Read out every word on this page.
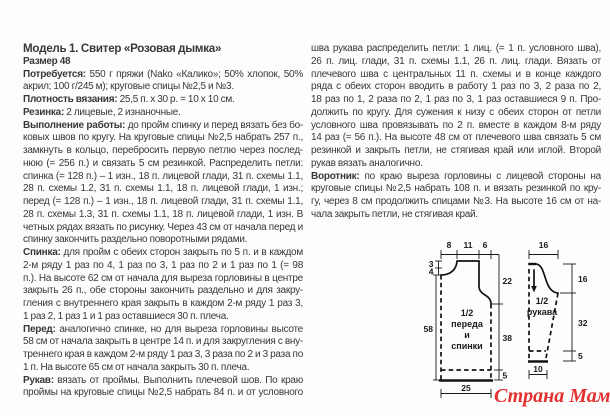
Модель 1. Свитер «Розовая дымка»
Размер 48
Потребуется: 550 г пряжи (Nako «Калико»; 50% хлопок, 50%
акрил; 100 г/245 м); круговые спицы №2,5 и №3.
Плотность вязания: 25,5 п. х 30 р. = 10 х 10 см.
Резинка: 2 лицевые, 2 изнаночные.
Выполнение работы: до пройм спинку и перед вязать без бо-
ковых швов по кругу. На круговые спицы №2,5 набрать 257 п.,
замкнуть в кольцо, перебросить первую петлю через послед-
нюю (= 256 п.) и связать 5 см резинкой. Распределить петли:
спинка (= 128 п.) – 1 изн., 18 п. лицевой глади, 31 п. схемы 1.1,
28 п. схемы 1.2, 31 п. схемы 1.1, 18 п. лицевой глади, 1 изн.;
перед (= 128 п.) – 1 изн., 18 п. лицевой глади, 31 п. схемы 1.1,
28 п. схемы 1.3, 31 п. схемы 1.1, 18 п. лицевой глади, 1 изн. В
четных рядах вязать по рисунку. Через 43 см от начала перед и
спинку закончить раздельно поворотными рядами.
Спинка: для пройм с обеих сторон закрыть по 5 п. и в каждом
2-м ряду 1 раз по 4, 1 раз по 3, 1 раз по 2 и 1 раз по 1 (= 98
п.). На высоте 62 см от начала для выреза горловины в центре
закрыть 26 п., обе стороны закончить раздельно и для закру-
гления с внутреннего края закрыть в каждом 2-м ряду 1 раз 3,
1 раз 2, 1 раз 1 и 1 раз оставшиеся 30 п. плеча.
Перед: аналогично спинке, но для выреза горловины высоте
58 см от начала закрыть в центре 14 п. и для закругления с вну-
треннего края в каждом 2-м ряду 1 раз 3, 3 раза по 2 и 3 раза по
1 п. На высоте 65 см от начала закрыть 30 п. плеча.
Рукав: вязать от проймы. Выполнить плечевой шов. По краю
проймы на круговые спицы №2,5 набрать 84 п. и от условного
шва рукава распределить петли: 1 лиц. (= 1 п. условного шва),
26 п. лиц. глади, 31 п. схемы 1.1, 26 п. лиц. глади. Вязать от
плечевого шва с центральных 11 п. схемы и в конце каждого
ряда с обеих сторон вводить в работу 1 раз по 3, 2 раза по 2,
18 раз по 1, 2 раза по 2, 1 раз по 3, 1 раз оставшиеся 9 п. Про-
должить по кругу. Для сужения к низу с обеих сторон от петли
условного шва провязывать по 2 п. вместе в каждом 8-м ряду
14 раз (= 56 п.). На высоте 48 см от плечевого шва связать 5 см
резинкой и закрыть петли, не стягивая край или иглой. Второй
рукав вязать аналогично.
Воротник: по краю выреза горловины с лицевой стороны на
круговые спицы №2,5 набрать 108 п. и вязать резинкой по кру-
гу, через 8 см продолжить спицами №3. На высоте 16 см от на-
чала закрыть петли, не стягивая край.
8 11 6
3
4
58
22
38
5
25
1/2
переда
и
спинки
16
16
32
5
10
1/2
рукава
Страна Мам
